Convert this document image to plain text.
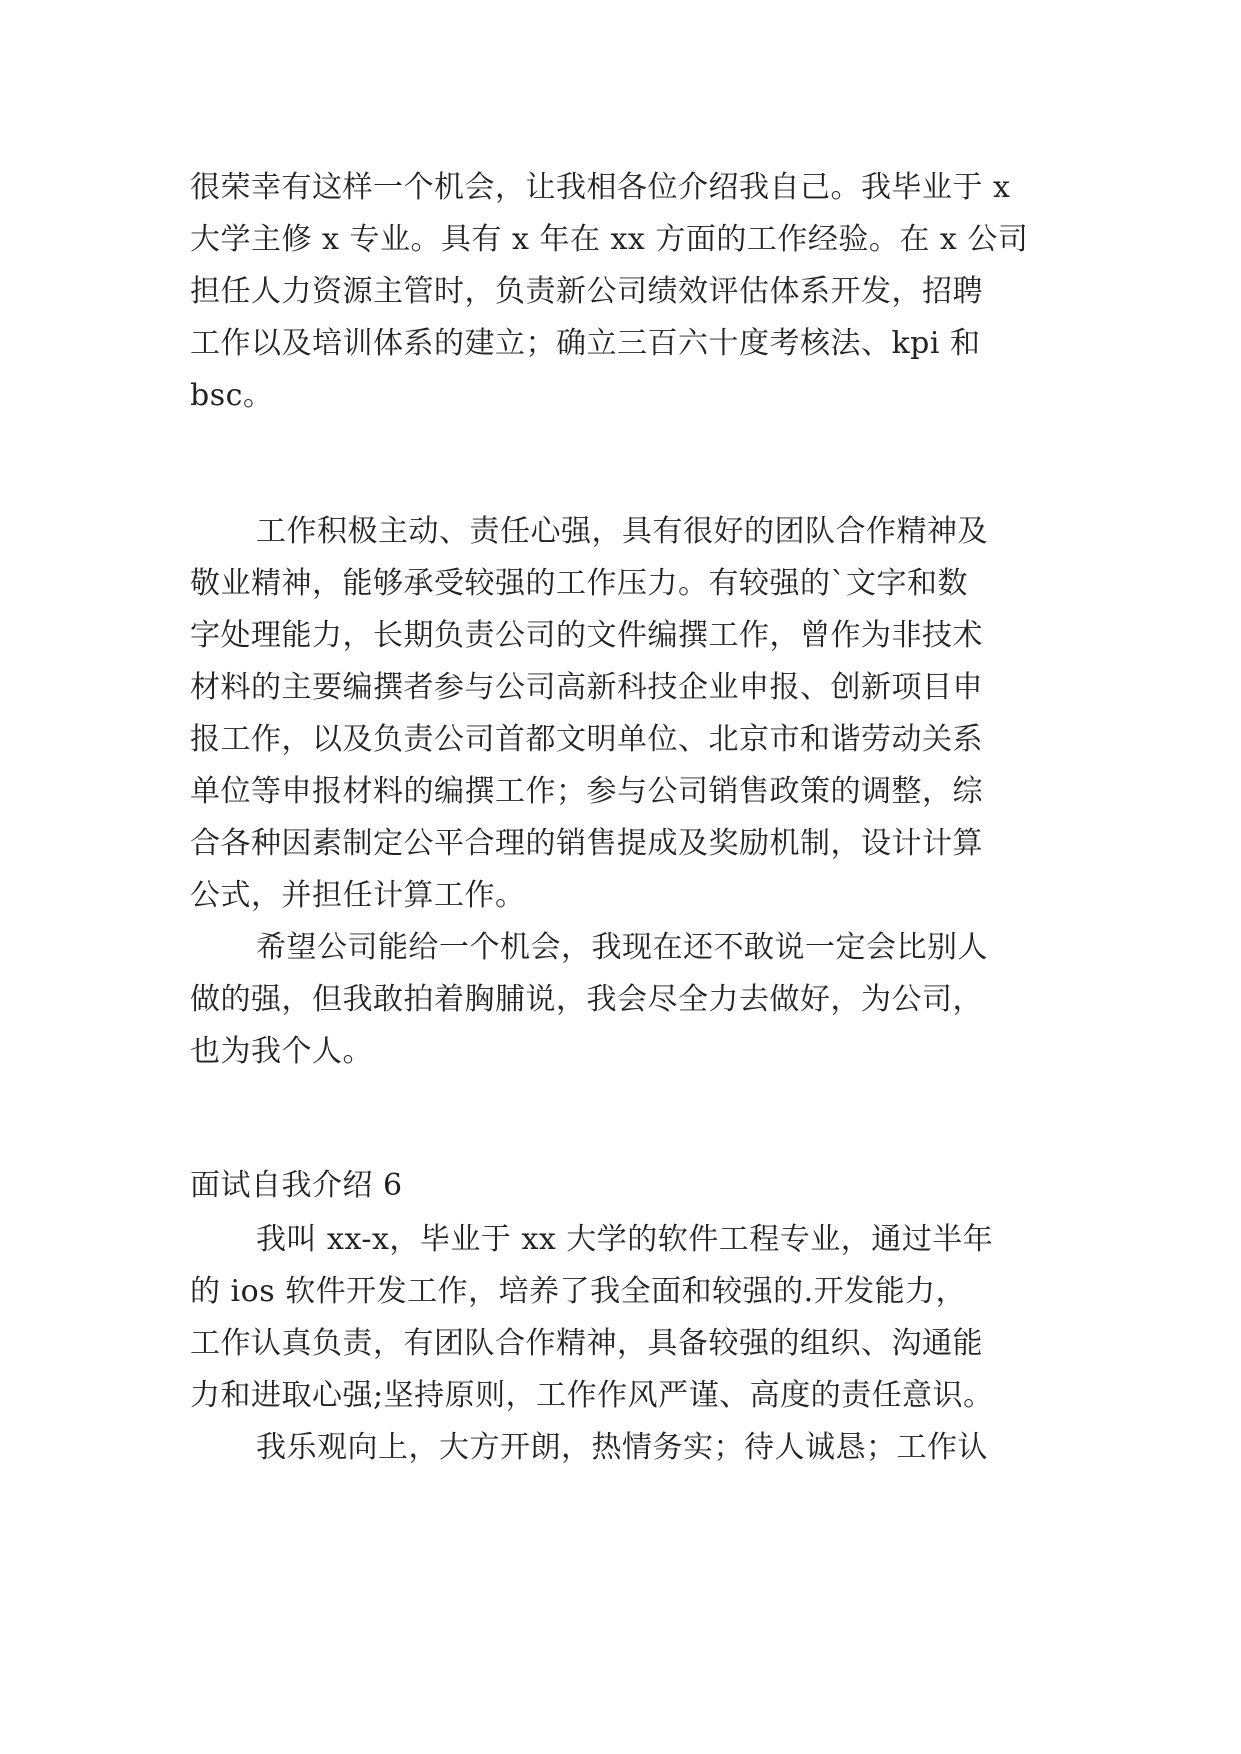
很荣幸有这样一个机会，让我相各位介绍我自己。我毕业于 x
大学主修 x 专业。具有 x 年在 xx 方面的工作经验。在 x 公司
担任人力资源主管时，负责新公司绩效评估体系开发，招聘
工作以及培训体系的建立；确立三百六十度考核法、kpi 和
bsc。
工作积极主动、责任心强，具有很好的团队合作精神及
敬业精神，能够承受较强的工作压力。有较强的`文字和数
字处理能力，长期负责公司的文件编撰工作，曾作为非技术
材料的主要编撰者参与公司高新科技企业申报、创新项目申
报工作，以及负责公司首都文明单位、北京市和谐劳动关系
单位等申报材料的编撰工作；参与公司销售政策的调整，综
合各种因素制定公平合理的销售提成及奖励机制，设计计算
公式，并担任计算工作。
希望公司能给一个机会，我现在还不敢说一定会比别人
做的强，但我敢拍着胸脯说，我会尽全力去做好，为公司，
也为我个人。
面试自我介绍 6
我叫 xx-x，毕业于 xx 大学的软件工程专业，通过半年
的 ios 软件开发工作，培养了我全面和较强的.开发能力，
工作认真负责，有团队合作精神，具备较强的组织、沟通能
力和进取心强;坚持原则，工作作风严谨、高度的责任意识。
我乐观向上，大方开朗，热情务实；待人诚恳；工作认
